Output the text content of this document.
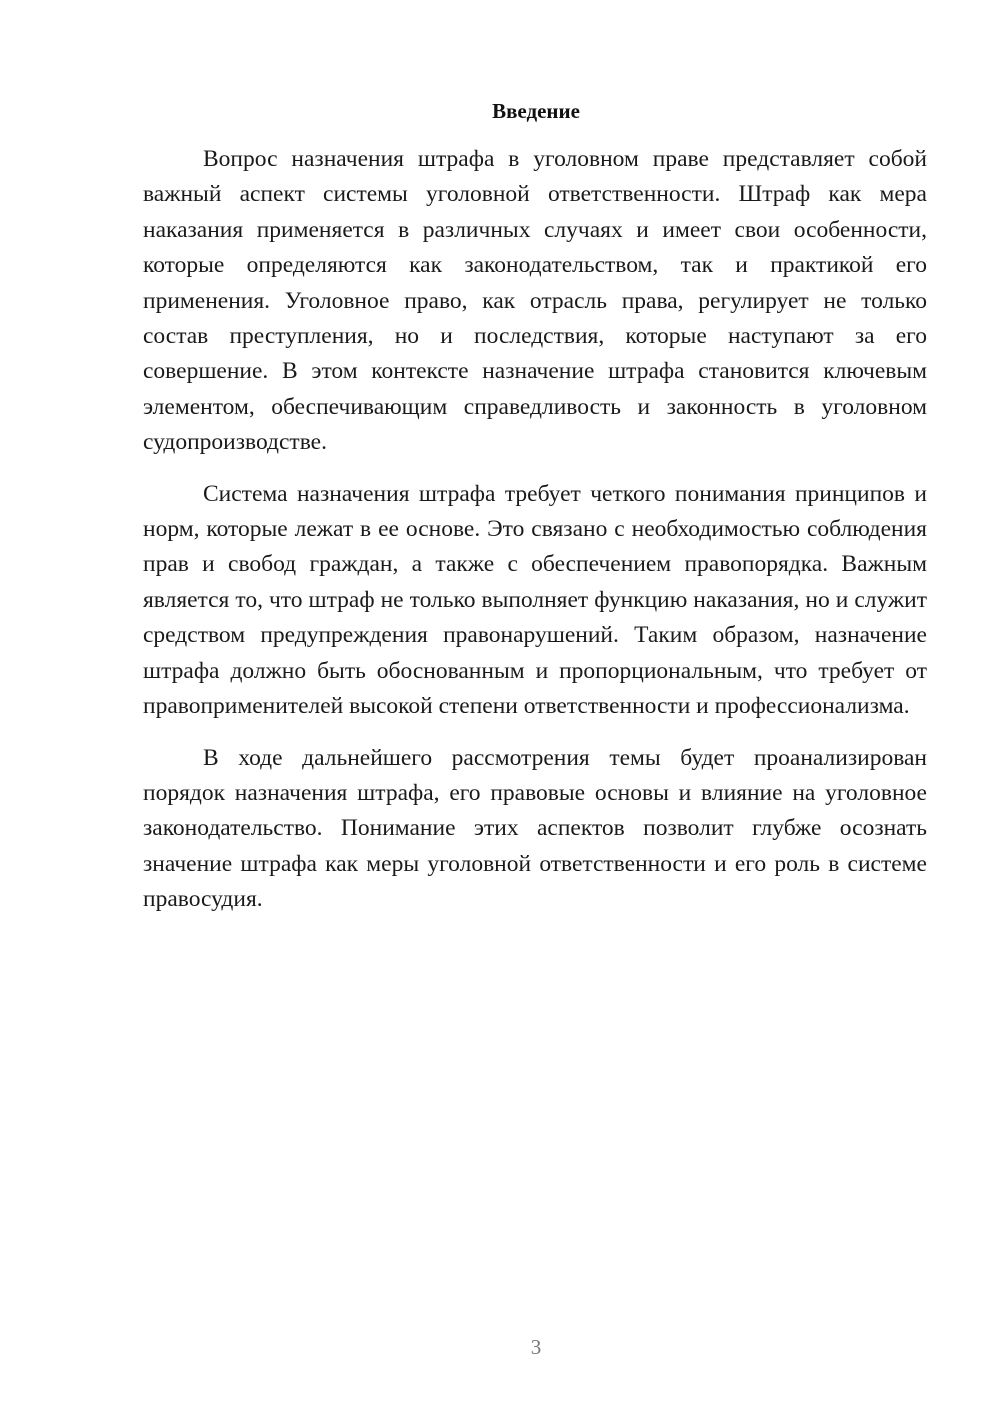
Введение

Вопрос назначения штрафа в уголовном праве представляет собой важный аспект системы уголовной ответственности. Штраф как мера наказания применяется в различных случаях и имеет свои особенности, которые определяются как законодательством, так и практикой его применения. Уголовное право, как отрасль права, регулирует не только состав преступления, но и последствия, которые наступают за его совершение. В этом контексте назначение штрафа становится ключевым элементом, обеспечивающим справедливость и законность в уголовном судопроизводстве.

Система назначения штрафа требует четкого понимания принципов и норм, которые лежат в ее основе. Это связано с необходимостью соблюдения прав и свобод граждан, а также с обеспечением правопорядка. Важным является то, что штраф не только выполняет функцию наказания, но и служит средством предупреждения правонарушений. Таким образом, назначение штрафа должно быть обоснованным и пропорциональным, что требует от правоприменителей высокой степени ответственности и профессионализма.

В ходе дальнейшего рассмотрения темы будет проанализирован порядок назначения штрафа, его правовые основы и влияние на уголовное законодательство. Понимание этих аспектов позволит глубже осознать значение штрафа как меры уголовной ответственности и его роль в системе правосудия.

3
